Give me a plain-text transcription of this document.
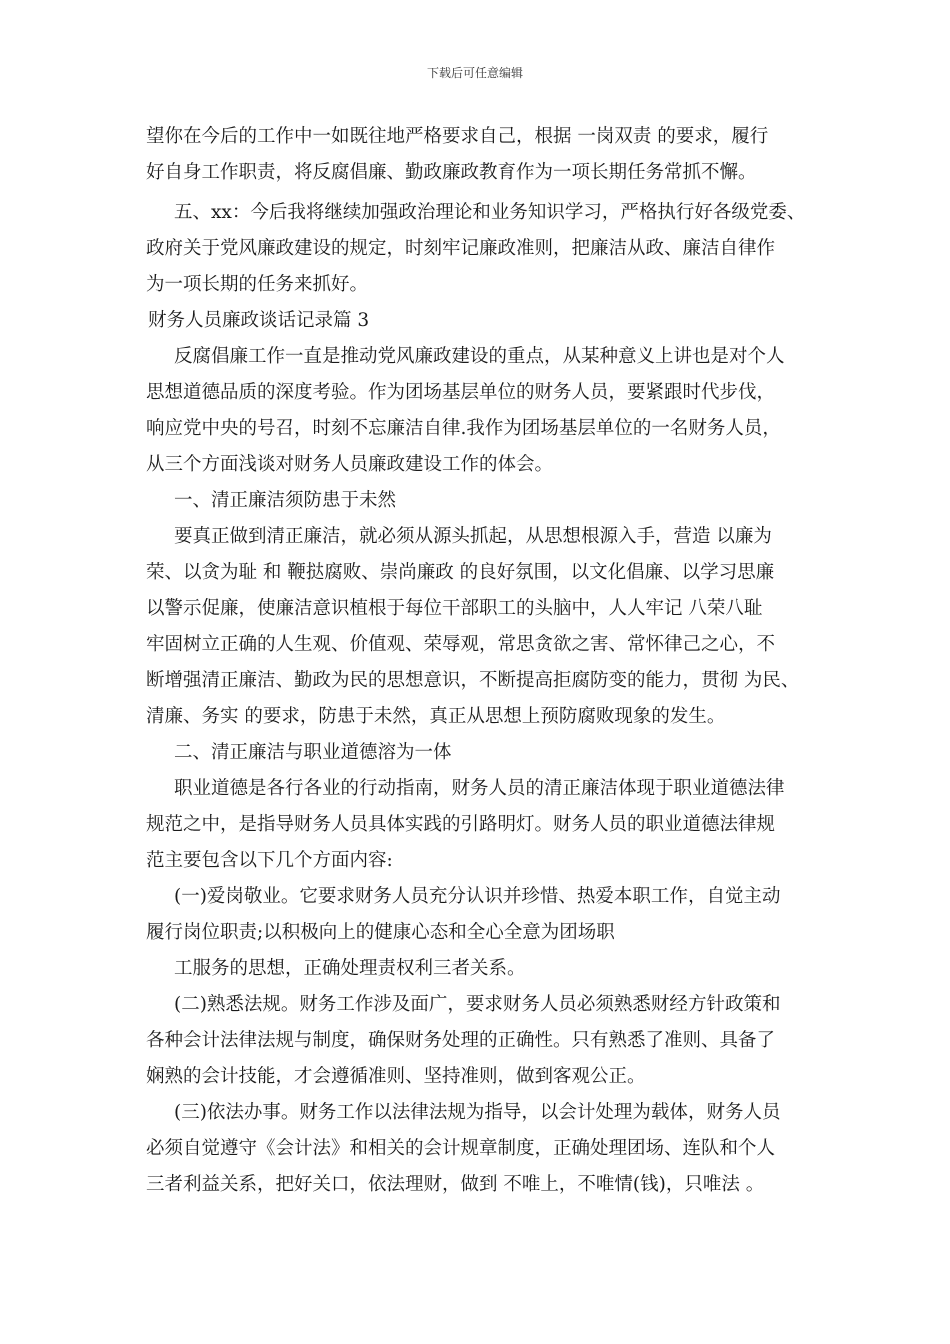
下载后可任意编辑
望你在今后的工作中一如既往地严格要求自己，根据 一岗双责 的要求，履行
好自身工作职责，将反腐倡廉、勤政廉政教育作为一项长期任务常抓不懈。
五、xx：今后我将继续加强政治理论和业务知识学习，严格执行好各级党委、
政府关于党风廉政建设的规定，时刻牢记廉政准则，把廉洁从政、廉洁自律作
为一项长期的任务来抓好。
财务人员廉政谈话记录篇 3
反腐倡廉工作一直是推动党风廉政建设的重点，从某种意义上讲也是对个人
思想道德品质的深度考验。作为团场基层单位的财务人员，要紧跟时代步伐，
响应党中央的号召，时刻不忘廉洁自律.我作为团场基层单位的一名财务人员，
从三个方面浅谈对财务人员廉政建设工作的体会。
一、清正廉洁须防患于未然
要真正做到清正廉洁，就必须从源头抓起，从思想根源入手，营造 以廉为
荣、以贪为耻 和 鞭挞腐败、崇尚廉政 的良好氛围，以文化倡廉、以学习思廉
以警示促廉，使廉洁意识植根于每位干部职工的头脑中，人人牢记 八荣八耻
牢固树立正确的人生观、价值观、荣辱观，常思贪欲之害、常怀律己之心，不
断增强清正廉洁、勤政为民的思想意识，不断提高拒腐防变的能力，贯彻 为民、
清廉、务实 的要求，防患于未然，真正从思想上预防腐败现象的发生。
二、清正廉洁与职业道德溶为一体
职业道德是各行各业的行动指南，财务人员的清正廉洁体现于职业道德法律
规范之中，是指导财务人员具体实践的引路明灯。财务人员的职业道德法律规
范主要包含以下几个方面内容:
(一)爱岗敬业。它要求财务人员充分认识并珍惜、热爱本职工作，自觉主动
履行岗位职责;以积极向上的健康心态和全心全意为团场职
工服务的思想，正确处理责权利三者关系。
(二)熟悉法规。财务工作涉及面广，要求财务人员必须熟悉财经方针政策和
各种会计法律法规与制度，确保财务处理的正确性。只有熟悉了准则、具备了
娴熟的会计技能，才会遵循准则、坚持准则，做到客观公正。
(三)依法办事。财务工作以法律法规为指导，以会计处理为载体，财务人员
必须自觉遵守《会计法》和相关的会计规章制度，正确处理团场、连队和个人
三者利益关系，把好关口，依法理财，做到 不唯上，不唯情(钱)，只唯法 。
